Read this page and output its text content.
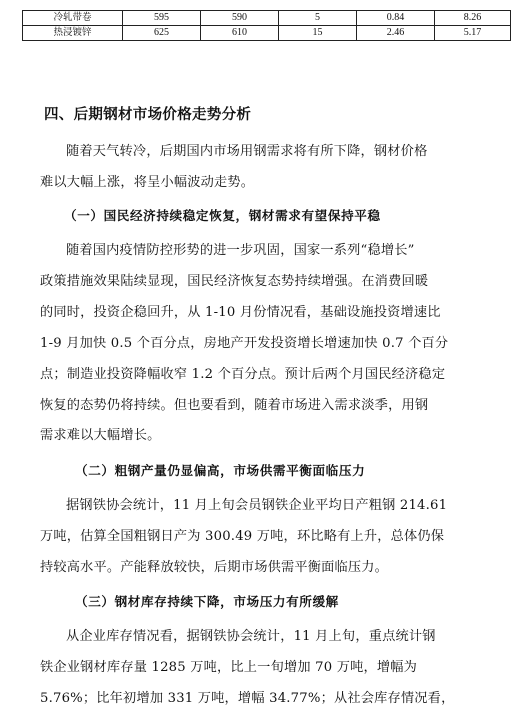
冷轧带卷	595	590	5	0.84	8.26
热浸镀锌	625	610	15	2.46	5.17
四、后期钢材市场价格走势分析
随着天气转冷，后期国内市场用钢需求将有所下降，钢材价格
难以大幅上涨，将呈小幅波动走势。
（一）国民经济持续稳定恢复，钢材需求有望保持平稳
随着国内疫情防控形势的进一步巩固，国家一系列“稳增长”
政策措施效果陆续显现，国民经济恢复态势持续增强。在消费回暖
的同时，投资企稳回升，从 1-10 月份情况看，基础设施投资增速比
1-9 月加快 0.5 个百分点，房地产开发投资增长增速加快 0.7 个百分
点；制造业投资降幅收窄 1.2 个百分点。预计后两个月国民经济稳定
恢复的态势仍将持续。但也要看到，随着市场进入需求淡季，用钢
需求难以大幅增长。
（二）粗钢产量仍显偏高，市场供需平衡面临压力
据钢铁协会统计，11 月上旬会员钢铁企业平均日产粗钢 214.61
万吨，估算全国粗钢日产为 300.49 万吨，环比略有上升，总体仍保
持较高水平。产能释放较快，后期市场供需平衡面临压力。
（三）钢材库存持续下降，市场压力有所缓解
从企业库存情况看，据钢铁协会统计，11 月上旬，重点统计钢
铁企业钢材库存量 1285 万吨，比上一旬增加 70 万吨，增幅为
5.76%；比年初增加 331 万吨，增幅 34.77%；从社会库存情况看，
